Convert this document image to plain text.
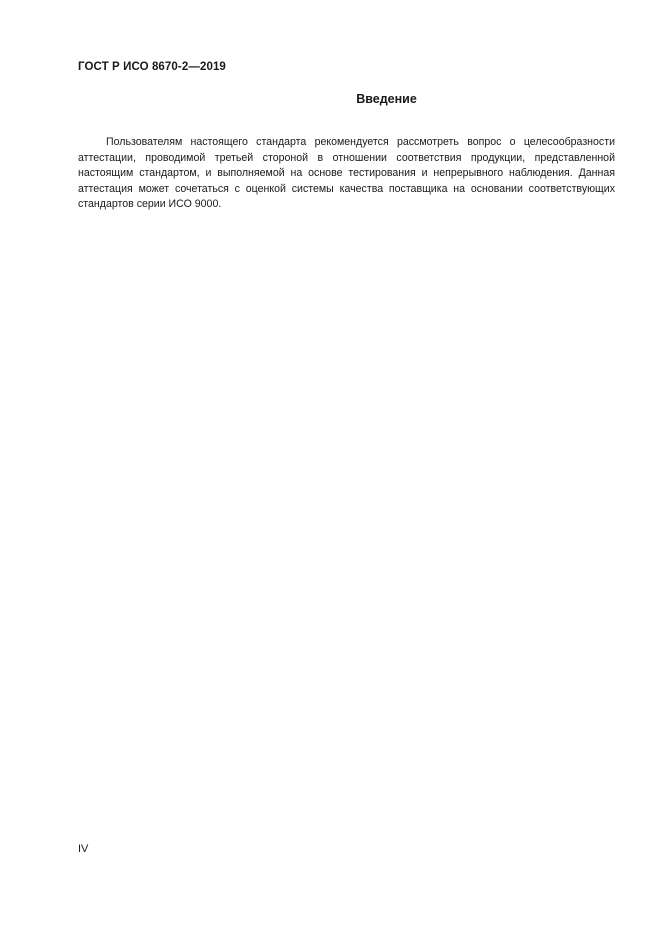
ГОСТ Р ИСО 8670-2—2019
Введение

Пользователям настоящего стандарта рекомендуется рассмотреть вопрос о целесообразности аттестации, проводимой третьей стороной в отношении соответствия продукции, представленной настоящим стандартом, и выполняемой на основе тестирования и непрерывного наблюдения. Данная аттестация может сочетаться с оценкой системы качества поставщика на основании соответствующих стандартов серии ИСО 9000.

IV
